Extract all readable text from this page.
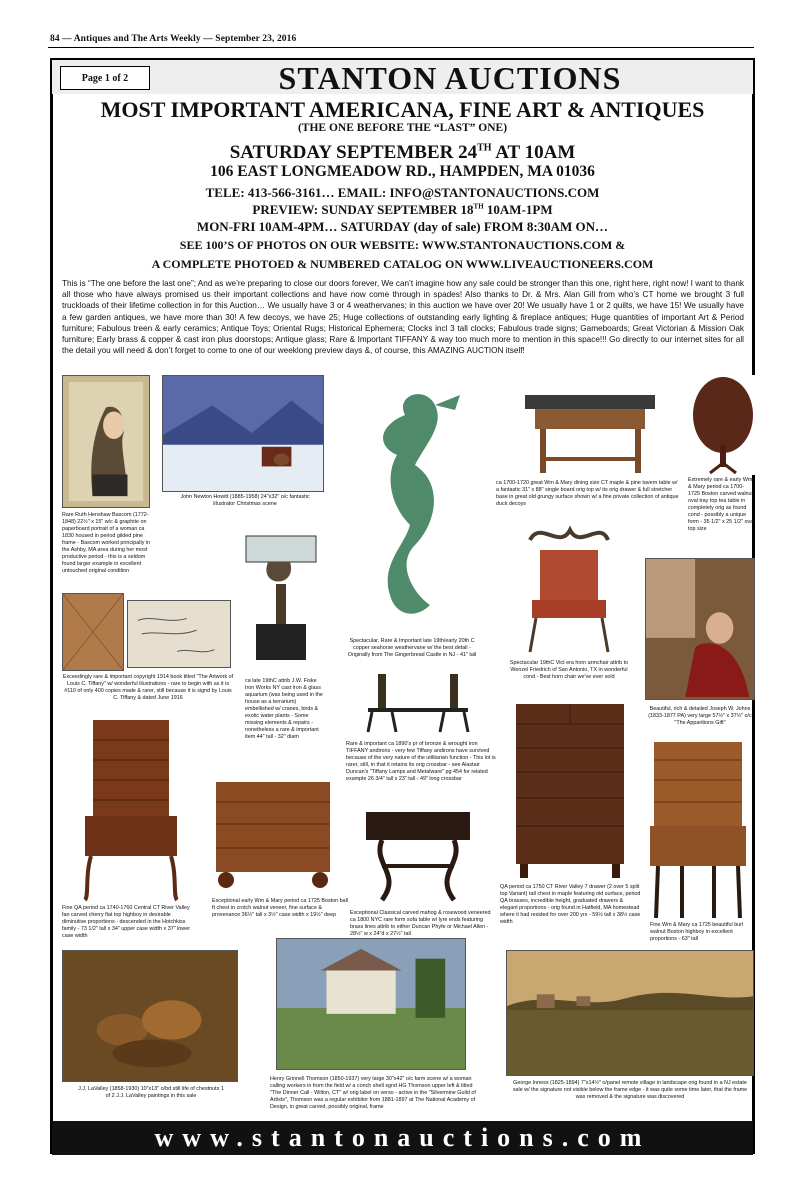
84 — Antiques and The Arts Weekly — September 23, 2016
Page 1 of 2	STANTON AUCTIONS
MOST IMPORTANT AMERICANA, FINE ART & ANTIQUES
(THE ONE BEFORE THE “LAST” ONE)
SATURDAY SEPTEMBER 24TH AT 10AM
106 EAST LONGMEADOW RD., HAMPDEN, MA 01036
TELE: 413-566-3161… EMAIL: INFO@STANTONAUCTIONS.COM
PREVIEW: SUNDAY SEPTEMBER 18TH 10AM-1PM
MON-FRI 10AM-4PM… SATURDAY (day of sale) FROM 8:30AM ON…
SEE 100’S OF PHOTOS ON OUR WEBSITE: WWW.STANTONAUCTIONS.COM &
A COMPLETE PHOTOED & NUMBERED CATALOG ON WWW.LIVEAUCTIONEERS.COM
This is “The one before the last one”; And as we’re preparing to close our doors forever, We can’t imagine how any sale could be stronger than this one, right here, right now! I want to thank all those who have always promised us their important collections and have now come through in spades! Also thanks to Dr. & Mrs. Alan Gill from who’s CT home we brought 3 full truckloads of their lifetime collection in for this Auction… We usually have 3 or 4 weathervanes; in this auction we have over 20! We usually have 1 or 2 quilts, we have 15! We usually have a few garden antiques, we have more than 30! A few decoys, we have 25; Huge collections of outstanding early lighting & fireplace antiques; Huge quantities of important Art & Period furniture; Fabulous treen & early ceramics; Antique Toys; Oriental Rugs; Historical Ephemera; Clocks incl 3 tall clocks; Fabulous trade signs; Gameboards; Great Victorian & Mission Oak furniture; Early brass & copper & cast iron plus doorstops; Antique glass; Rare & Important TIFFANY & way too much more to mention in this space!!! Go directly to our internet sites for all the detail you will need & don’t forget to come to one of our weeklong preview days &, of course, this AMAZING AUCTION itself!
Rare Ruth Henshaw Bascom (1772-1848) 22½" x 15" w/c & graphite on paperboard portrait of a woman ca 1830 housed in period gilded pine frame - Bascom worked principally in the Ashby, MA area during her most productive period - this is a seldom found larger example in excellent untouched original condition
John Newton Howitt (1885-1958) 24"x32" o/c fantastic illustrator Christmas scene
Spectacular, Rare & Important late 19th/early 20th C copper seahorse weathervane w/ the best detail - Originally from The Gingerbread Castle in NJ - 41" tall
ca 1700-1720 great Wm & Mary dining size CT maple & pine tavern table w/ a fantastic 31" x 88" single board orig top w/ its orig drawer & full stretcher base in great old grungy surface shown w/ a fine private collection of antique duck decoys
Extremely rare & early Wm & Mary period ca 1700-1725 Boston carved walnut oval tray top tea table in completely orig as found cond - possibly a unique form - 35 1/2" x 25 1/2" oval top size
Exceedingly rare & important copyright 1914 book titled "The Artwork of Louis C. Tiffany" w/ wonderful illustrations - rare to begin with as it is #110 of only 400 copies made & rarer, still because it is signd by Louis C. Tiffany & dated June 1916
ca late 19thC attrib J.W. Fiske Iron Works NY cast iron & glass aquarium (was being used in the house as a terrarium) embellished w/ cranes, birds & exotic water plants - Some missing elements & repairs - nonetheless a rare & important item 44" tall - 32" diam
Spectacular 19thC Vict era horn armchair attrib to Wenzel Friedrich of San Antonio, TX in wonderful cond - Best horn chair we've ever sold
Beautiful, rich & detailed Joseph W. Johns (1833-1877 PA) very large 57½" x 37½" o/c "The Apparitions Gift"
Rare & important ca 1890's pr of bronze & wrought iron TIFFANY andirons - very few Tiffany andirons have survived because of the very nature of the utilitarian function - This lot is rarer, still, in that it retains its orig crossbar - see Alastair Duncan's "Tiffany Lamps and Metalware" pg 454 for related example 26 3/4" tall x 23" tall - 49" long crossbar
Fine QA period ca 1740-1760 Central CT River Valley fan carved cherry flat top highboy in desirable diminutive proportions - descended in the Hotchkiss family - 73 1/2" tall x 34" upper case width x 37" lower case width
Exceptional early Wm & Mary period ca 1725 Boston ball ft chest in crotch walnut veneer, fine surface & provenance 36½" tall x 3½" case width x 19½" deep	Exceptional Classical carved mahog & rosewood veneered ca 1800 NYC rare form sofa table w/ lyre ends featuring brass lines attrib to either Duncan Phyfe or Michael Allen - 28½" w x 24"d x 27½" tall
QA period ca 1750 CT River Valley 7 drawer (2 over 5 split top Variant) tall chest in maple featuring old surface, period QA brasses, incredible height, graduated drawers & elegant proportions - orig found in Hatfield, MA homestead where it had resided for over 200 yrs - 59½ tall x 38½ case width	Fine Wm & Mary ca 1725 beautiful burl walnut Boston highboy in excellent proportions - 63" tall
J.J. LaValley (1858-1930) 10"x13" o/bd still life of chestnuts 1 of 2 J.J. LaValley paintings in this sale
Henry Grinnell Thomson (1850-1937) very large 30"x42" o/c farm scene w/ a woman calling workers in from the field w/ a conch shell sgnd HG Thomson upper left & titled "The Dinner Call - Wilton, CT" w/ orig label on verso - active in the "Silvermine Guild of Artists", Thomson was a regular exhibitor from 1881-1897 at The National Academy of Design, in great carved, possibly original, frame
George Inness (1825-1894) 7"x14½" o/panel remote village in landscape orig found in a NJ estate sale w/ the signature not visible below the frame edge - it was quite some time later, that the frame was removed & the signature was discovered
www.stantonauctions.com
